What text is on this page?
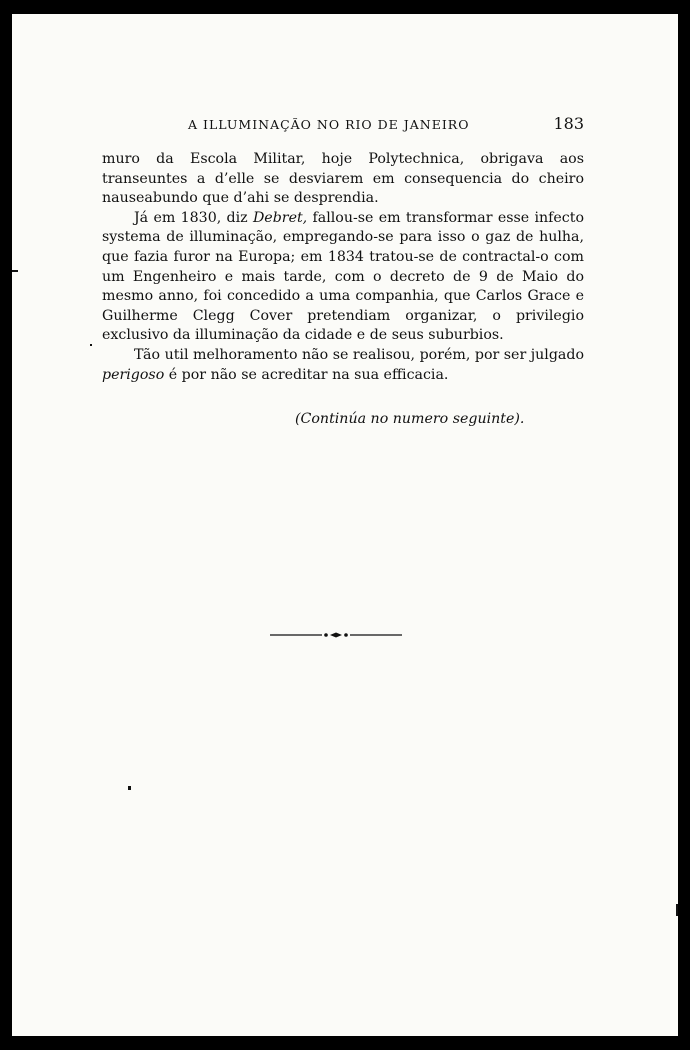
A ILLUMINAÇÃO NO RIO DE JANEIRO	183

muro da Escola Militar, hoje Polytechnica, obrigava aos transeuntes a d’elle se desviarem em consequencia do cheiro nauseabundo que d’ahi se desprendia.

Já em 1830, diz Debret, fallou-se em transformar esse infecto systema de illuminação, empregando-se para isso o gaz de hulha, que fazia furor na Europa; em 1834 tratou-se de contractal-o com um Engenheiro e mais tarde, com o decreto de 9 de Maio do mesmo anno, foi concedido a uma companhia, que Carlos Grace e Guilherme Clegg Cover pretendiam organizar, o privilegio exclusivo da illuminação da cidade e de seus suburbios.

Tão util melhoramento não se realisou, porém, por ser julgado perigoso é por não se acreditar na sua efficacia.

(Continúa no numero seguinte).
